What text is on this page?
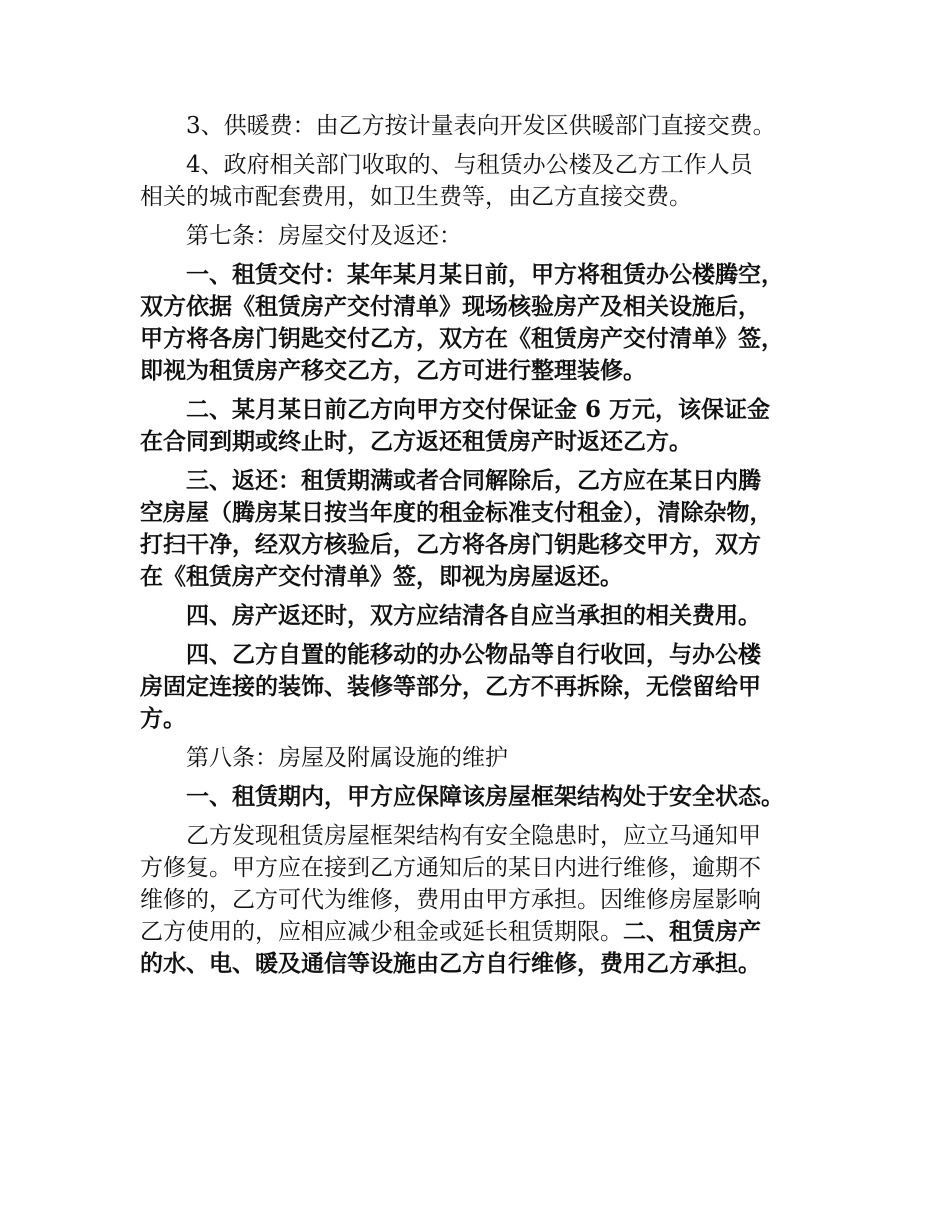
3、供暖费：由乙方按计量表向开发区供暖部门直接交费。
4、政府相关部门收取的、与租赁办公楼及乙方工作人员
相关的城市配套费用，如卫生费等，由乙方直接交费。
第七条：房屋交付及返还：
一、租赁交付：某年某月某日前，甲方将租赁办公楼腾空，
双方依据《租赁房产交付清单》现场核验房产及相关设施后，
甲方将各房门钥匙交付乙方，双方在《租赁房产交付清单》签，
即视为租赁房产移交乙方，乙方可进行整理装修。
二、某月某日前乙方向甲方交付保证金 6 万元，该保证金
在合同到期或终止时，乙方返还租赁房产时返还乙方。
三、返还：租赁期满或者合同解除后，乙方应在某日内腾
空房屋（腾房某日按当年度的租金标准支付租金），清除杂物，
打扫干净，经双方核验后，乙方将各房门钥匙移交甲方，双方
在《租赁房产交付清单》签，即视为房屋返还。
四、房产返还时，双方应结清各自应当承担的相关费用。
四、乙方自置的能移动的办公物品等自行收回，与办公楼
房固定连接的装饰、装修等部分，乙方不再拆除，无偿留给甲
方。
第八条：房屋及附属设施的维护
一、租赁期内，甲方应保障该房屋框架结构处于安全状态。
乙方发现租赁房屋框架结构有安全隐患时，应立马通知甲
方修复。甲方应在接到乙方通知后的某日内进行维修，逾期不
维修的，乙方可代为维修，费用由甲方承担。因维修房屋影响
乙方使用的，应相应减少租金或延长租赁期限。二、租赁房产
的水、电、暖及通信等设施由乙方自行维修，费用乙方承担。
